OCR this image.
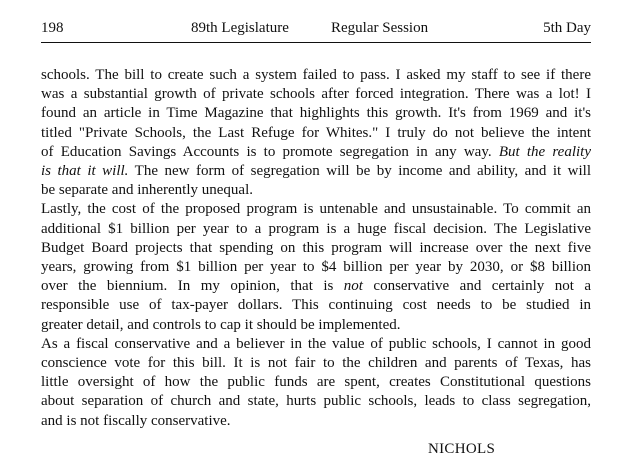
198	89th Legislature	Regular Session	5th Day

schools. The bill to create such a system failed to pass. I asked my staff to see if there
was a substantial growth of private schools after forced integration. There was a lot! I
found an article in Time Magazine that highlights this growth. It's from 1969 and it's
titled "Private Schools, the Last Refuge for Whites." I truly do not believe the intent
of Education Savings Accounts is to promote segregation in any way. But the reality
is that it will. The new form of segregation will be by income and ability, and it will
be separate and inherently unequal.

Lastly, the cost of the proposed program is untenable and unsustainable. To commit an
additional $1 billion per year to a program is a huge fiscal decision. The Legislative
Budget Board projects that spending on this program will increase over the next five
years, growing from $1 billion per year to $4 billion per year by 2030, or $8 billion
over the biennium. In my opinion, that is not conservative and certainly not a
responsible use of tax-payer dollars. This continuing cost needs to be studied in
greater detail, and controls to cap it should be implemented.

As a fiscal conservative and a believer in the value of public schools, I cannot in good
conscience vote for this bill. It is not fair to the children and parents of Texas, has
little oversight of how the public funds are spent, creates Constitutional questions
about separation of church and state, hurts public schools, leads to class segregation,
and is not fiscally conservative.

NICHOLS
